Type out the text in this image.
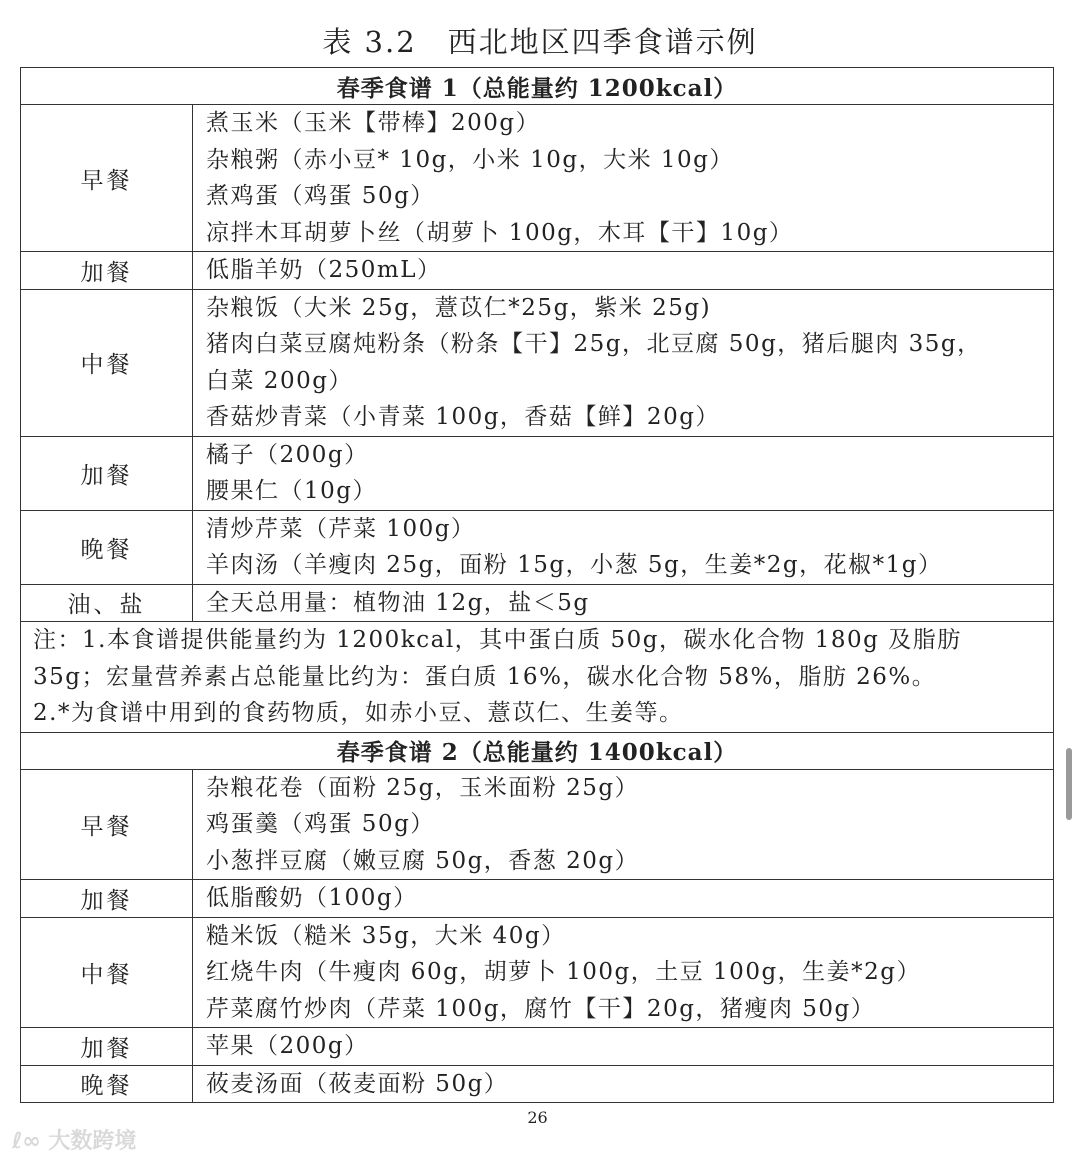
表 3.2　西北地区四季食谱示例
春季食谱 1（总能量约 1200kcal）	
早餐	煮玉米（玉米【带棒】200g）
杂粮粥（赤小豆* 10g，小米 10g，大米 10g）
煮鸡蛋（鸡蛋 50g）
凉拌木耳胡萝卜丝（胡萝卜 100g，木耳【干】10g）

加餐	低脂羊奶（250mL）

中餐	杂粮饭（大米 25g，薏苡仁*25g，紫米 25g)
猪肉白菜豆腐炖粉条（粉条【干】25g，北豆腐 50g，猪后腿肉 35g，
白菜 200g）
香菇炒青菜（小青菜 100g，香菇【鲜】20g）

加餐	橘子（200g）
腰果仁（10g）

晚餐	清炒芹菜（芹菜 100g）
羊肉汤（羊瘦肉 25g，面粉 15g，小葱 5g，生姜*2g，花椒*1g）

油、盐	全天总用量：植物油 12g，盐＜5g

注：1.本食谱提供能量约为 1200kcal，其中蛋白质 50g，碳水化合物 180g 及脂肪
35g；宏量营养素占总能量比约为：蛋白质 16%，碳水化合物 58%，脂肪 26%。
2.*为食谱中用到的食药物质，如赤小豆、薏苡仁、生姜等。	

春季食谱 2（总能量约 1400kcal）	
早餐	杂粮花卷（面粉 25g，玉米面粉 25g）
鸡蛋羹（鸡蛋 50g）
小葱拌豆腐（嫩豆腐 50g，香葱 20g）

加餐	低脂酸奶（100g）

中餐	糙米饭（糙米 35g，大米 40g）
红烧牛肉（牛瘦肉 60g，胡萝卜 100g，土豆 100g，生姜*2g）
芹菜腐竹炒肉（芹菜 100g，腐竹【干】20g，猪瘦肉 50g）

加餐	苹果（200g）

晚餐	莜麦汤面（莜麦面粉 50g）
26
ℓ∞ 大数跨境
